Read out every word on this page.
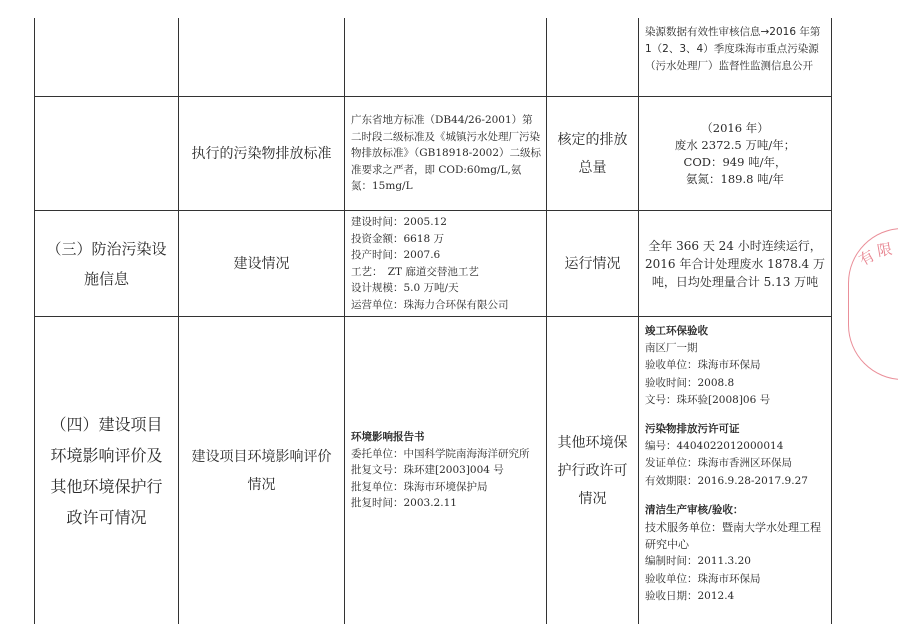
染源数据有效性审核信息→2016 年第 1（2、3、4）季度珠海市重点污染源（污水处理厂）监督性监测信息公开
执行的污染物排放标准
广东省地方标准（DB44/26-2001）第二时段二级标准及《城镇污水处理厂污染物排放标准》（GB18918-2002）二级标准要求之严者，即 COD:60mg/L,氨氮：15mg/L
核定的排放总量
（2016 年）
废水 2372.5 万吨/年；
COD：949 吨/年，
氨氮：189.8 吨/年
（三）防治污染设施信息
建设情况
建设时间：2005.12
投资金额：6618 万
投产时间：2007.6
工艺：　ZT 廊道交替池工艺
设计规模：5.0 万吨/天
运营单位：珠海力合环保有限公司
运行情况
全年 366 天 24 小时连续运行，2016 年合计处理废水 1878.4 万吨，日均处理量合计 5.13 万吨
（四）建设项目环境影响评价及其他环境保护行政许可情况
建设项目环境影响评价情况
环境影响报告书
委托单位：中国科学院南海海洋研究所
批复文号：珠环建[2003]004 号
批复单位：珠海市环境保护局
批复时间：2003.2.11
其他环境保护行政许可情况
竣工环保验收
南区厂一期
验收单位：珠海市环保局
验收时间：2008.8
文号：珠环验[2008]06 号
污染物排放污许可证
编号：4404022012000014
发证单位：珠海市香洲区环保局
有效期限：2016.9.28-2017.9.27
清洁生产审核/验收：
技术服务单位：暨南大学水处理工程研究中心
编制时间：2011.3.20
验收单位：珠海市环保局
验收日期：2012.4
有
限
